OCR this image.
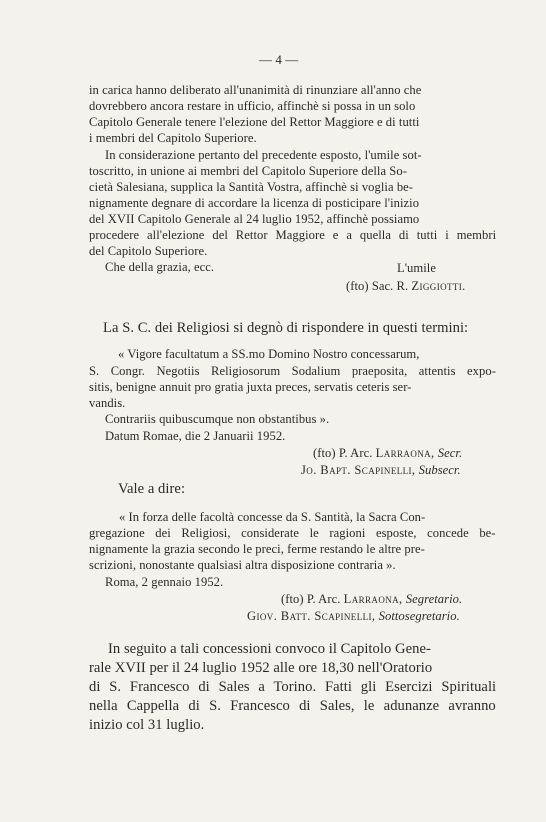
— 4 —
in carica hanno deliberato all'unanimità di rinunziare all'anno che
dovrebbero ancora restare in ufficio, affinchè si possa in un solo
Capitolo Generale tenere l'elezione del Rettor Maggiore e di tutti
i membri del Capitolo Superiore.
In considerazione pertanto del precedente esposto, l'umile sot-
toscritto, in unione ai membri del Capitolo Superiore della So-
cietà Salesiana, supplica la Santità Vostra, affinchè si voglia be-
nignamente degnare di accordare la licenza di posticipare l'inizio
del XVII Capitolo Generale al 24 luglio 1952, affinchè possiamo
procedere all'elezione del Rettor Maggiore e a quella di tutti i membri
del Capitolo Superiore.
Che della grazia, ecc.	L'umile
(fto) Sac. R. Ziggiotti.
La S. C. dei Religiosi si degnò di rispondere in questi termini:
« Vigore facultatum a SS.mo Domino Nostro concessarum,
S. Congr. Negotiis Religiosorum Sodalium praeposita, attentis expo-
sitis, benigne annuit pro gratia juxta preces, servatis ceteris ser-
vandis.
Contrariis quibuscumque non obstantibus ».
Datum Romae, die 2 Januarii 1952.
(fto) P. Arc. Larraona, Secr.
Jo. Bapt. Scapinelli, Subsecr.
Vale a dire:
« In forza delle facoltà concesse da S. Santità, la Sacra Con-
gregazione dei Religiosi, considerate le ragioni esposte, concede be-
nignamente la grazia secondo le preci, ferme restando le altre pre-
scrizioni, nonostante qualsiasi altra disposizione contraria ».
Roma, 2 gennaio 1952.
(fto) P. Arc. Larraona, Segretario.
Giov. Batt. Scapinelli, Sottosegretario.
In seguito a tali concessioni convoco il Capitolo Gene-
rale XVII per il 24 luglio 1952 alle ore 18,30 nell'Oratorio
di S. Francesco di Sales a Torino. Fatti gli Esercizi Spirituali
nella Cappella di S. Francesco di Sales, le adunanze avranno
inizio col 31 luglio.
